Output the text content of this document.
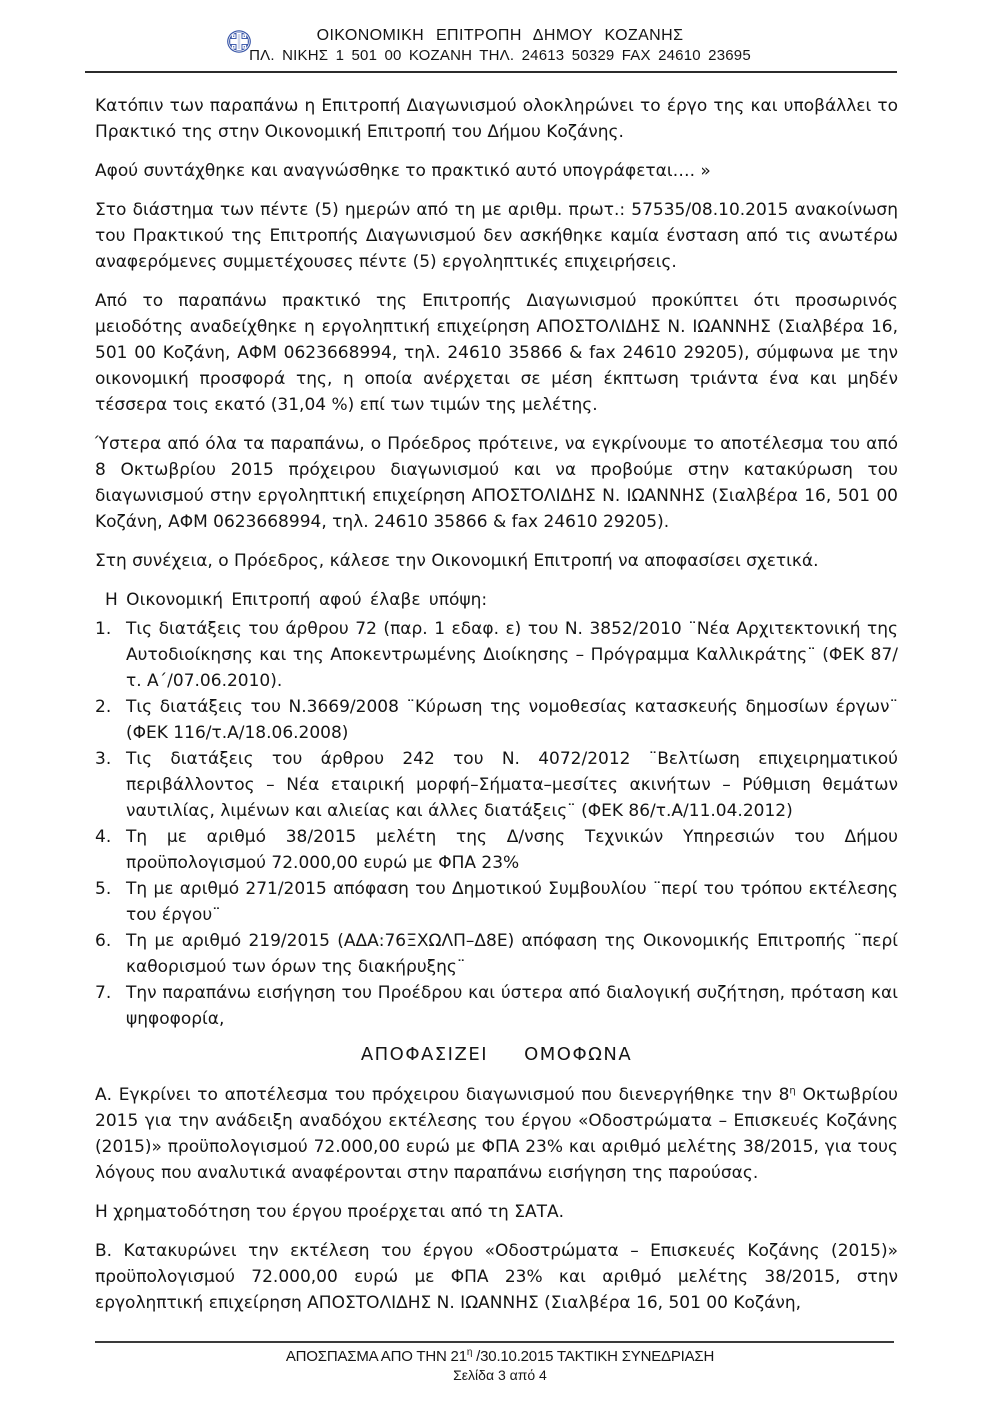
ΟΙΚΟΝΟΜΙΚΗ ΕΠΙΤΡΟΠΗ ΔΗΜΟΥ ΚΟΖΑΝΗΣ
ΠΛ. ΝΙΚΗΣ 1 501 00 ΚΟΖΑΝΗ ΤΗΛ. 24613 50329 FAX 24610 23695

Κατόπιν των παραπάνω η Επιτροπή Διαγωνισμού ολοκληρώνει το έργο της και υποβάλλει το Πρακτικό της στην Οικονομική Επιτροπή του Δήμου Κοζάνης.

Αφού συντάχθηκε και αναγνώσθηκε το πρακτικό αυτό υπογράφεται…. »

Στο διάστημα των πέντε (5) ημερών από τη με αριθμ. πρωτ.: 57535/08.10.2015 ανακοίνωση του Πρακτικού της Επιτροπής Διαγωνισμού δεν ασκήθηκε καμία ένσταση από τις ανωτέρω αναφερόμενες συμμετέχουσες πέντε (5) εργοληπτικές επιχειρήσεις.

Από το παραπάνω πρακτικό της Επιτροπής Διαγωνισμού προκύπτει ότι προσωρινός μειοδότης αναδείχθηκε η εργοληπτική επιχείρηση ΑΠΟΣΤΟΛΙΔΗΣ Ν. ΙΩΑΝΝΗΣ (Σιαλβέρα 16, 501 00 Κοζάνη, ΑΦΜ 0623668994, τηλ. 24610 35866 & fax 24610 29205), σύμφωνα με την οικονομική προσφορά της, η οποία ανέρχεται σε μέση έκπτωση τριάντα ένα και μηδέν τέσσερα τοις εκατό (31,04 %) επί των τιμών της μελέτης.

Ύστερα από όλα τα παραπάνω, ο Πρόεδρος πρότεινε, να εγκρίνουμε το αποτέλεσμα του από 8 Οκτωβρίου 2015 πρόχειρου διαγωνισμού και να προβούμε στην κατακύρωση του διαγωνισμού στην εργοληπτική επιχείρηση ΑΠΟΣΤΟΛΙΔΗΣ Ν. ΙΩΑΝΝΗΣ (Σιαλβέρα 16, 501 00 Κοζάνη, ΑΦΜ 0623668994, τηλ. 24610 35866 & fax 24610 29205).

Στη συνέχεια, ο Πρόεδρος, κάλεσε την Οικονομική Επιτροπή να αποφασίσει σχετικά.

Η Οικονομική Επιτροπή αφού έλαβε υπόψη:

1. Τις διατάξεις του άρθρου 72 (παρ. 1 εδαφ. ε) του Ν. 3852/2010 ¨Νέα Αρχιτεκτονική της Αυτοδιοίκησης και της Αποκεντρωμένης Διοίκησης – Πρόγραμμα Καλλικράτης¨ (ΦΕΚ 87/ τ. Α´/07.06.2010).
2. Τις διατάξεις του Ν.3669/2008 ¨Κύρωση της νομοθεσίας κατασκευής δημοσίων έργων¨ (ΦΕΚ 116/τ.Α/18.06.2008)
3. Τις διατάξεις του άρθρου 242 του Ν. 4072/2012 ¨Βελτίωση επιχειρηματικού περιβάλλοντος – Νέα εταιρική μορφή–Σήματα–μεσίτες ακινήτων – Ρύθμιση θεμάτων ναυτιλίας, λιμένων και αλιείας και άλλες διατάξεις¨ (ΦΕΚ 86/τ.Α/11.04.2012)
4. Τη με αριθμό 38/2015 μελέτη της Δ/νσης Τεχνικών Υπηρεσιών του Δήμου προϋπολογισμού 72.000,00 ευρώ με ΦΠΑ 23%
5. Τη με αριθμό 271/2015 απόφαση του Δημοτικού Συμβουλίου ¨περί του τρόπου εκτέλεσης του έργου¨
6. Τη με αριθμό 219/2015 (ΑΔΑ:76ΞΧΩΛΠ–Δ8Ε) απόφαση της Οικονομικής Επιτροπής ¨περί καθορισμού των όρων της διακήρυξης¨
7. Την παραπάνω εισήγηση του Προέδρου και ύστερα από διαλογική συζήτηση, πρόταση και ψηφοφορία,

ΑΠΟΦΑΣΙΖΕΙ     ΟΜΟΦΩΝΑ

Α. Εγκρίνει το αποτέλεσμα του πρόχειρου διαγωνισμού που διενεργήθηκε την $8^\eta$ Οκτωβρίου 2015 για την ανάδειξη αναδόχου εκτέλεσης του έργου «Οδοστρώματα – Επισκευές Κοζάνης (2015)» προϋπολογισμού 72.000,00 ευρώ με ΦΠΑ 23% και αριθμό μελέτης 38/2015, για τους λόγους που αναλυτικά αναφέρονται στην παραπάνω εισήγηση της παρούσας.

Η χρηματοδότηση του έργου προέρχεται από τη ΣΑΤΑ.

Β. Κατακυρώνει την εκτέλεση του έργου «Οδοστρώματα – Επισκευές Κοζάνης (2015)» προϋπολογισμού 72.000,00 ευρώ με ΦΠΑ 23% και αριθμό μελέτης 38/2015, στην εργοληπτική επιχείρηση ΑΠΟΣΤΟΛΙΔΗΣ Ν. ΙΩΑΝΝΗΣ (Σιαλβέρα 16, 501 00 Κοζάνη,

ΑΠΟΣΠΑΣΜΑ ΑΠΟ ΤΗΝ $21^\eta$ /30.10.2015 ΤΑΚΤΙΚΗ ΣΥΝΕΔΡΙΑΣΗ
Σελίδα 3 από 4
